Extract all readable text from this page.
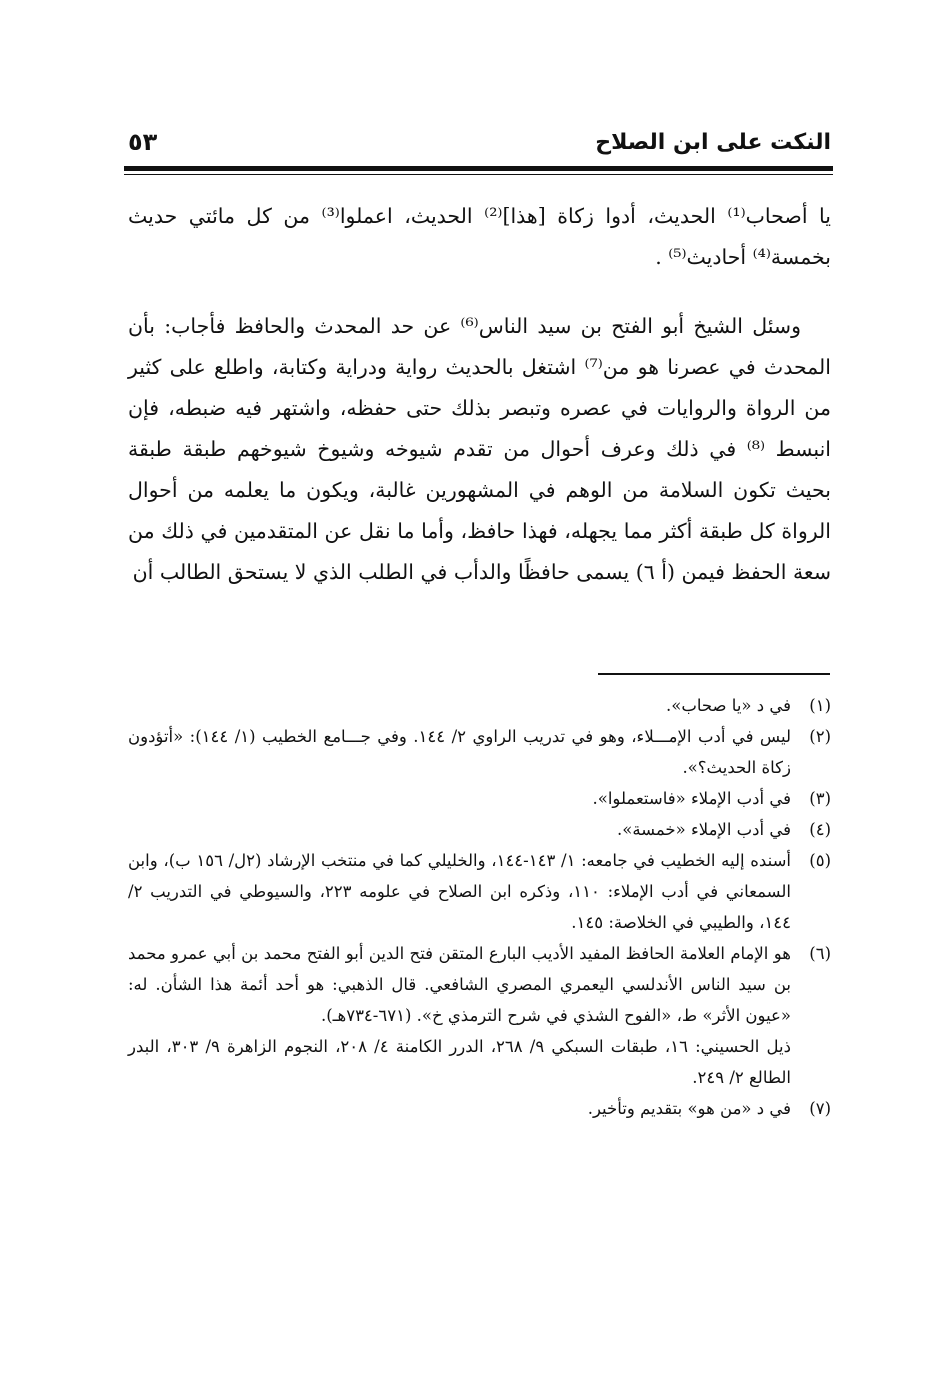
النكت على ابن الصلاح
٥٣

يا أصحاب⁽¹⁾ الحديث، أدوا زكاة [هذا]⁽²⁾ الحديث، اعملوا⁽³⁾ من كل مائتي حديث بخمسة⁽⁴⁾ أحاديث⁽⁵⁾ .

وسئل الشيخ أبو الفتح بن سيد الناس⁽⁶⁾ عن حد المحدث والحافظ فأجاب: بأن المحدث في عصرنا هو من⁽⁷⁾ اشتغل بالحديث رواية ودراية وكتابة، واطلع على كثير من الرواة والروايات في عصره وتبصر بذلك حتى حفظه، واشتهر فيه ضبطه، فإن انبسط ⁽⁸⁾ في ذلك وعرف أحوال من تقدم شيوخه وشيوخ شيوخهم طبقة طبقة بحيث تكون السلامة من الوهم في المشهورين غالبة، ويكون ما يعلمه من أحوال الرواة كل طبقة أكثر مما يجهله، فهذا حافظ، وأما ما نقل عن المتقدمين في ذلك من سعة الحفظ فيمن (أ ٦) يسمى حافظًا والدأب في الطلب الذي لا يستحق الطالب أن

(١)
في د «يا صحاب».
(٢)
ليس في أدب الإمـــلاء، وهو في تدريب الراوي ٢/ ١٤٤. وفي جـــامع الخطيب (١/ ١٤٤): «أتؤدون زكاة الحديث؟».
(٣)
في أدب الإملاء «فاستعملوا».
(٤)
في أدب الإملاء «خمسة».
(٥)
أسنده إليه الخطيب في جامعه: ١/ ١٤٣-١٤٤، والخليلي كما في منتخب الإرشاد (٢ل/ ١٥٦ ب)، وابن السمعاني في أدب الإملاء: ١١٠، وذكره ابن الصلاح في علومه ٢٢٣، والسيوطي في التدريب ٢/ ١٤٤، والطيبي في الخلاصة: ١٤٥.
(٦)
هو الإمام العلامة الحافظ المفيد الأديب البارع المتقن فتح الدين أبو الفتح محمد بن أبي عمرو محمد بن سيد الناس الأندلسي اليعمري المصري الشافعي. قال الذهبي: هو أحد أئمة هذا الشأن. له: «عيون الأثر» ط، «الفوح الشذي في شرح الترمذي خ». (٦٧١-٧٣٤هـ).
ذيل الحسيني: ١٦، طبقات السبكي ٩/ ٢٦٨، الدرر الكامنة ٤/ ٢٠٨، النجوم الزاهرة ٩/ ٣٠٣، البدر الطالع ٢/ ٢٤٩.
(٧)
في د «من هو» بتقديم وتأخير.
